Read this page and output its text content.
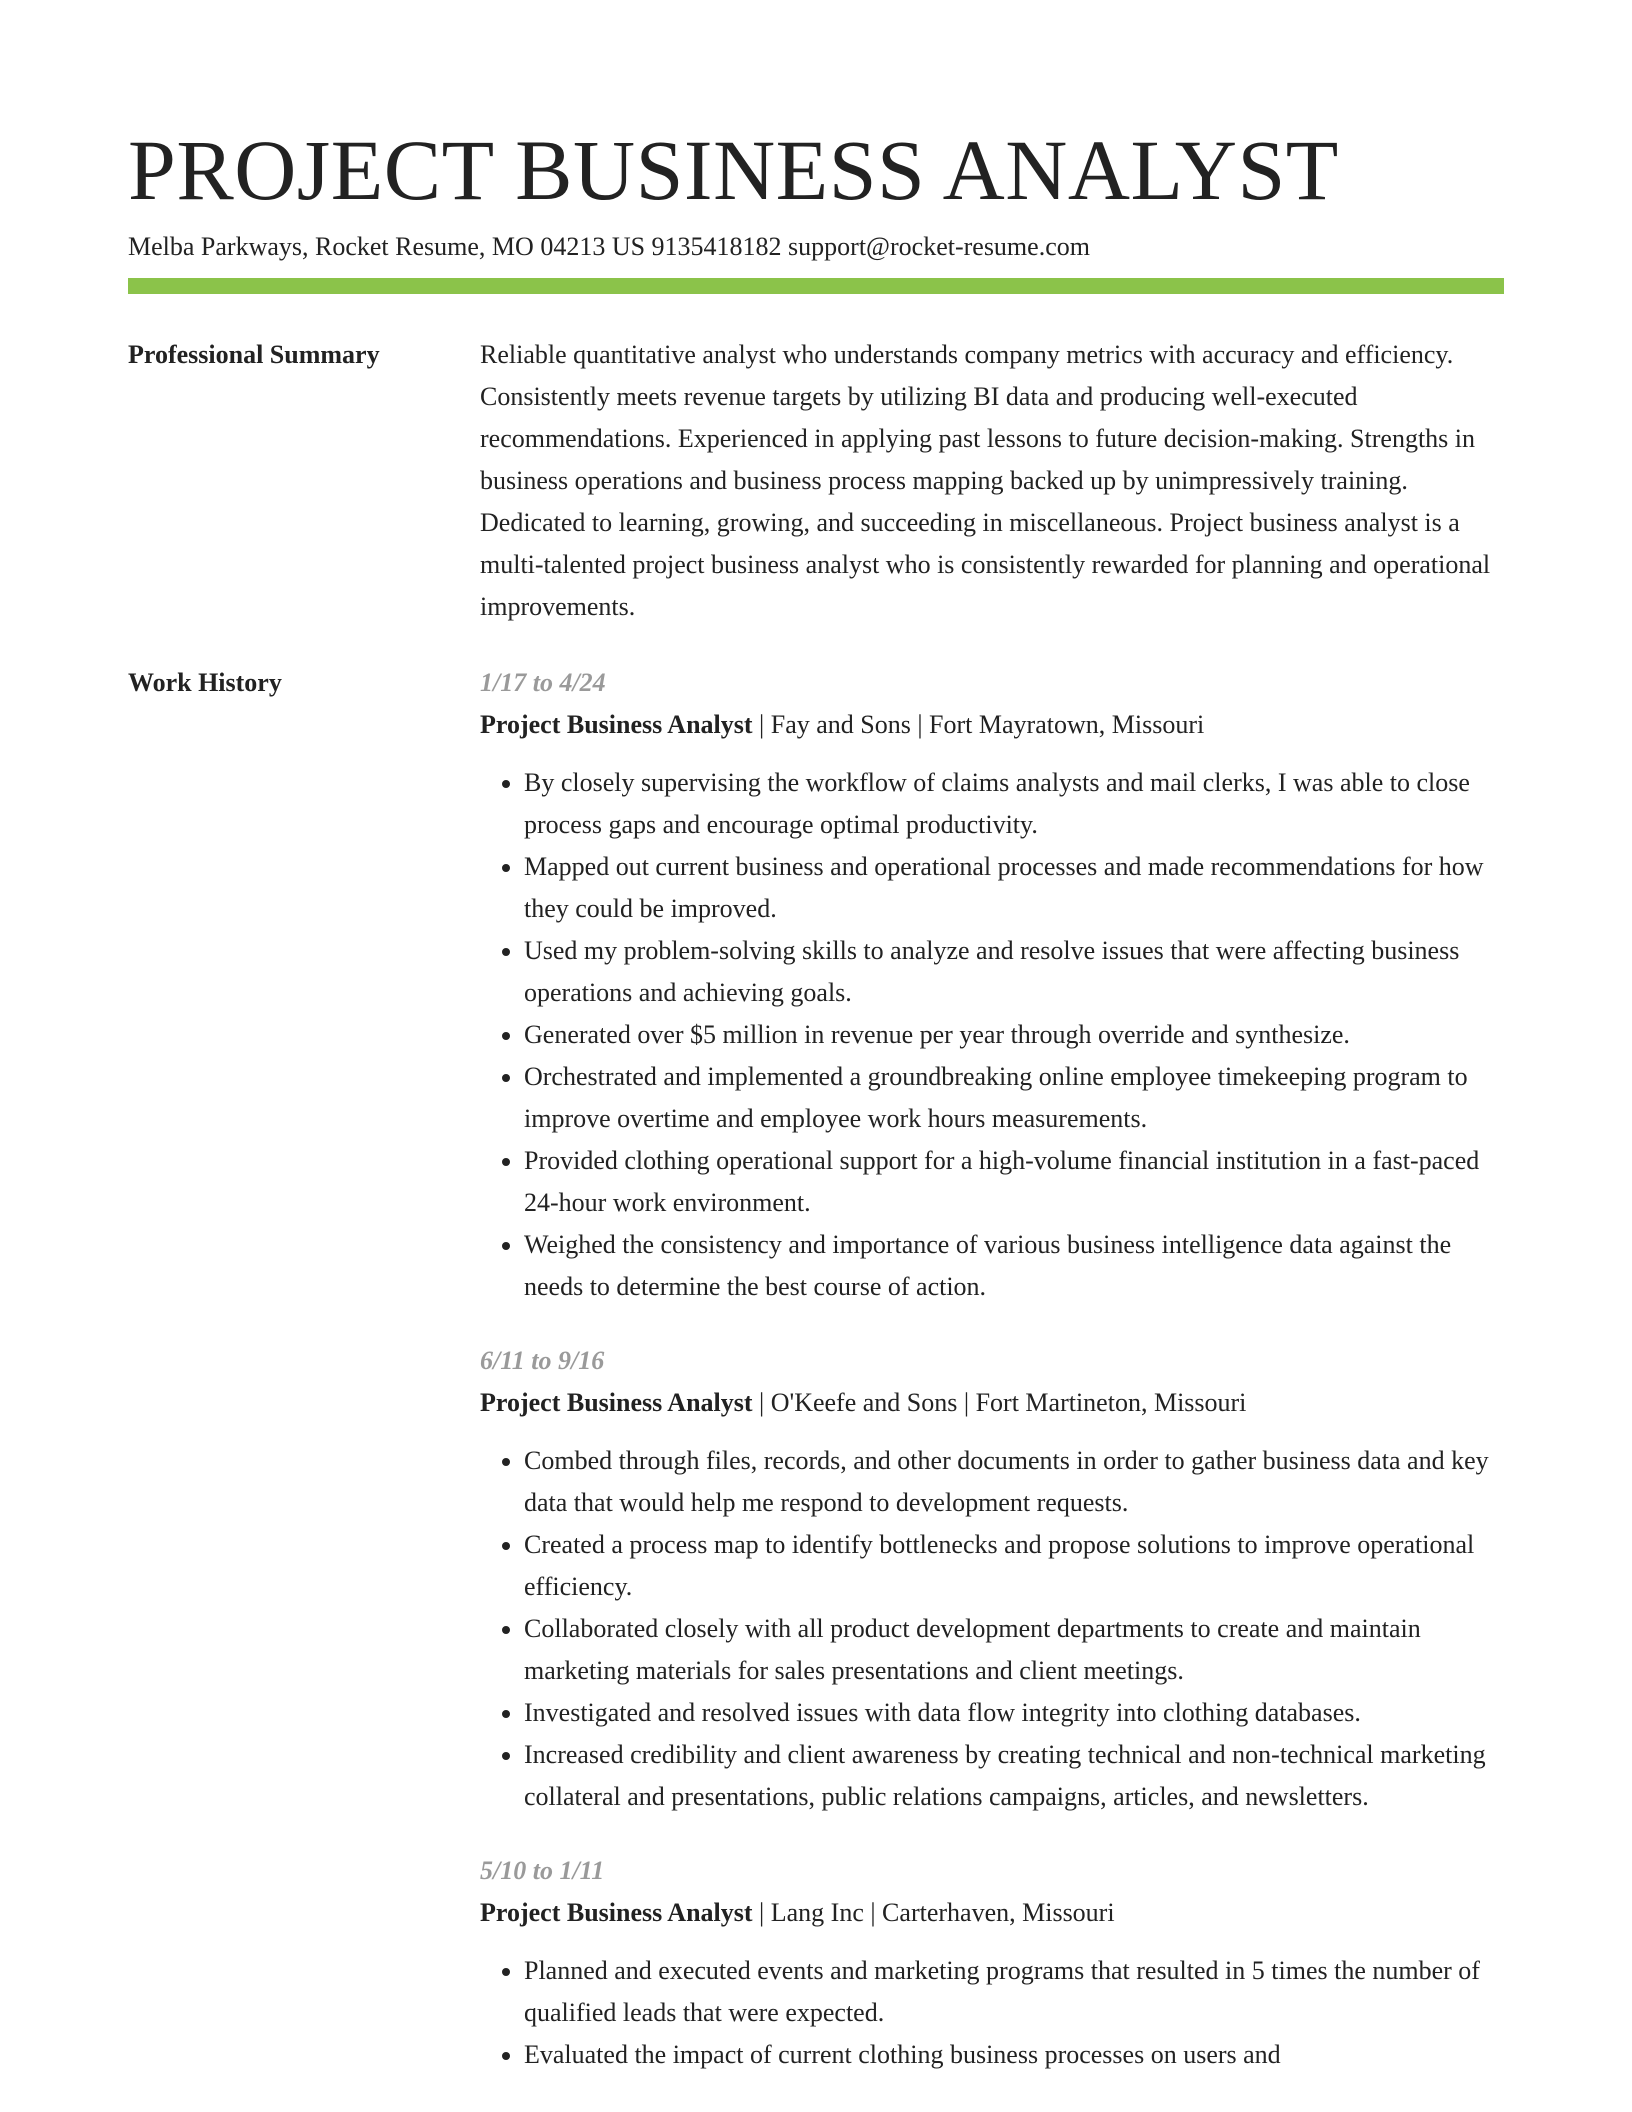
PROJECT BUSINESS ANALYST
Melba Parkways, Rocket Resume, MO 04213 US 9135418182 support@rocket-resume.com
Professional Summary	Reliable quantitative analyst who understands company metrics with accuracy and efficiency. Consistently meets revenue targets by utilizing BI data and producing well-executed recommendations. Experienced in applying past lessons to future decision-making. Strengths in business operations and business process mapping backed up by unimpressively training. Dedicated to learning, growing, and succeeding in miscellaneous. Project business analyst is a multi-talented project business analyst who is consistently rewarded for planning and operational improvements.

Work History	1/17 to 4/24
Project Business Analyst | Fay and Sons | Fort Mayratown, Missouri
• By closely supervising the workflow of claims analysts and mail clerks, I was able to close process gaps and encourage optimal productivity.
• Mapped out current business and operational processes and made recommendations for how they could be improved.
• Used my problem-solving skills to analyze and resolve issues that were affecting business operations and achieving goals.
• Generated over $5 million in revenue per year through override and synthesize.
• Orchestrated and implemented a groundbreaking online employee timekeeping program to improve overtime and employee work hours measurements.
• Provided clothing operational support for a high-volume financial institution in a fast-paced 24-hour work environment.
• Weighed the consistency and importance of various business intelligence data against the needs to determine the best course of action.
6/11 to 9/16
Project Business Analyst | O'Keefe and Sons | Fort Martineton, Missouri
• Combed through files, records, and other documents in order to gather business data and key data that would help me respond to development requests.
• Created a process map to identify bottlenecks and propose solutions to improve operational efficiency.
• Collaborated closely with all product development departments to create and maintain marketing materials for sales presentations and client meetings.
• Investigated and resolved issues with data flow integrity into clothing databases.
• Increased credibility and client awareness by creating technical and non-technical marketing collateral and presentations, public relations campaigns, articles, and newsletters.
5/10 to 1/11
Project Business Analyst | Lang Inc | Carterhaven, Missouri
• Planned and executed events and marketing programs that resulted in 5 times the number of qualified leads that were expected.
• Evaluated the impact of current clothing business processes on users and
